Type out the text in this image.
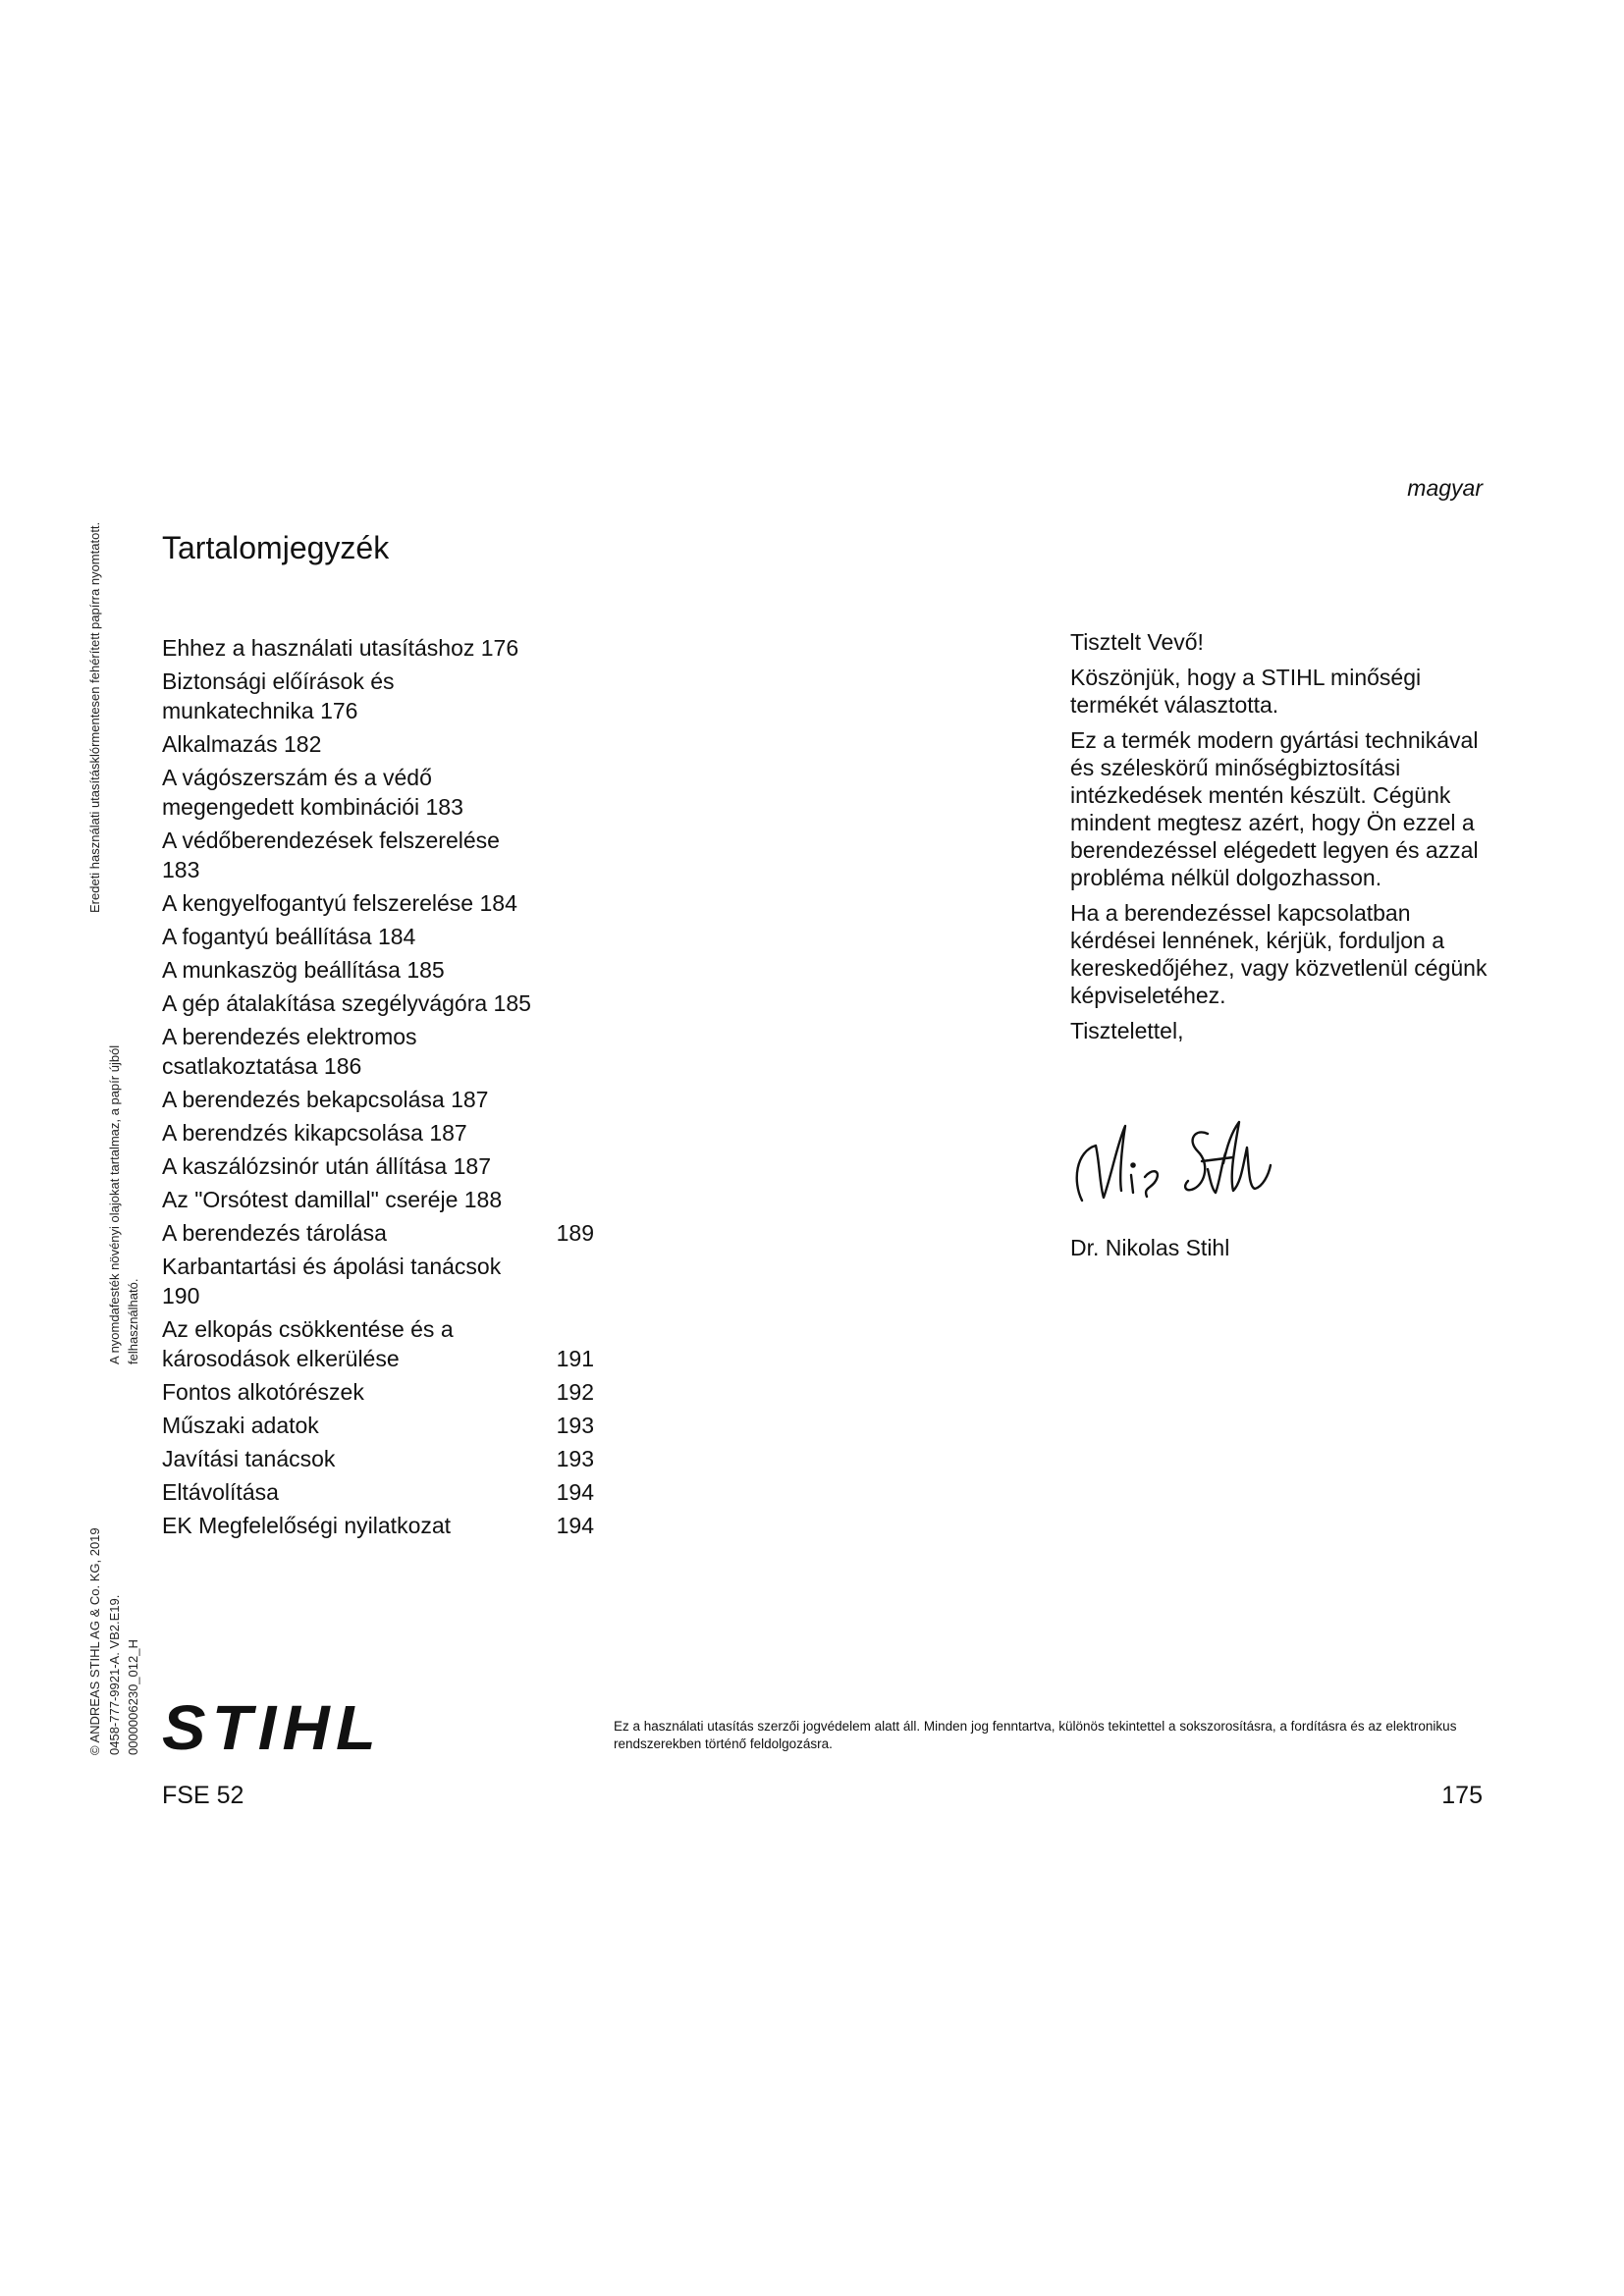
Eredeti használati utasításklórmentesen fehérített papírra nyomtatott.
A nyomdafesték növényi olajokat tartalmaz, a papír újból felhasználható.
© ANDREAS STIHL AG & Co. KG, 2019 0458-777-9921-A. VB2.E19. 0000006230_012_H
magyar
Tartalomjegyzék
Ehhez a használati utasításhoz 176
Biztonsági előírások és munkatechnika 176
Alkalmazás 182
A vágószerszám és a védő megengedett kombinációi 183
A védőberendezések felszerelése 183
A kengyelfogantyú felszerelése 184
A fogantyú beállítása 184
A munkaszög beállítása 185
A gép átalakítása szegélyvágóra 185
A berendezés elektromos csatlakoztatása 186
A berendezés bekapcsolása 187
A berendzés kikapcsolása 187
A kaszálózsinór után állítása 187
Az "Orsótest damillal" cseréje 188
A berendezés tárolása	189
Karbantartási és ápolási tanácsok 190
Az elkopás csökkentése és a károsodások elkerülése	191
Fontos alkotórészek	192
Műszaki adatok	193
Javítási tanácsok	193
Eltávolítása	194
EK Megfelelőségi nyilatkozat	194

Tisztelt Vevő!

Köszönjük, hogy a STIHL minőségi termékét választotta.

Ez a termék modern gyártási technikával és széleskörű minőségbiztosítási intézkedések mentén készült. Cégünk mindent megtesz azért, hogy Ön ezzel a berendezéssel elégedett legyen és azzal probléma nélkül dolgozhasson.

Ha a berendezéssel kapcsolatban kérdései lennének, kérjük, forduljon a kereskedőjéhez, vagy közvetlenül cégünk képviseletéhez.

Tisztelettel,

Dr. Nikolas Stihl
STIHL	Ez a használati utasítás szerzői jogvédelem alatt áll. Minden jog fenntartva, különös tekintettel a sokszorosításra, a fordításra és az elektronikus rendszerekben történő feldolgozásra.
FSE 52	175
